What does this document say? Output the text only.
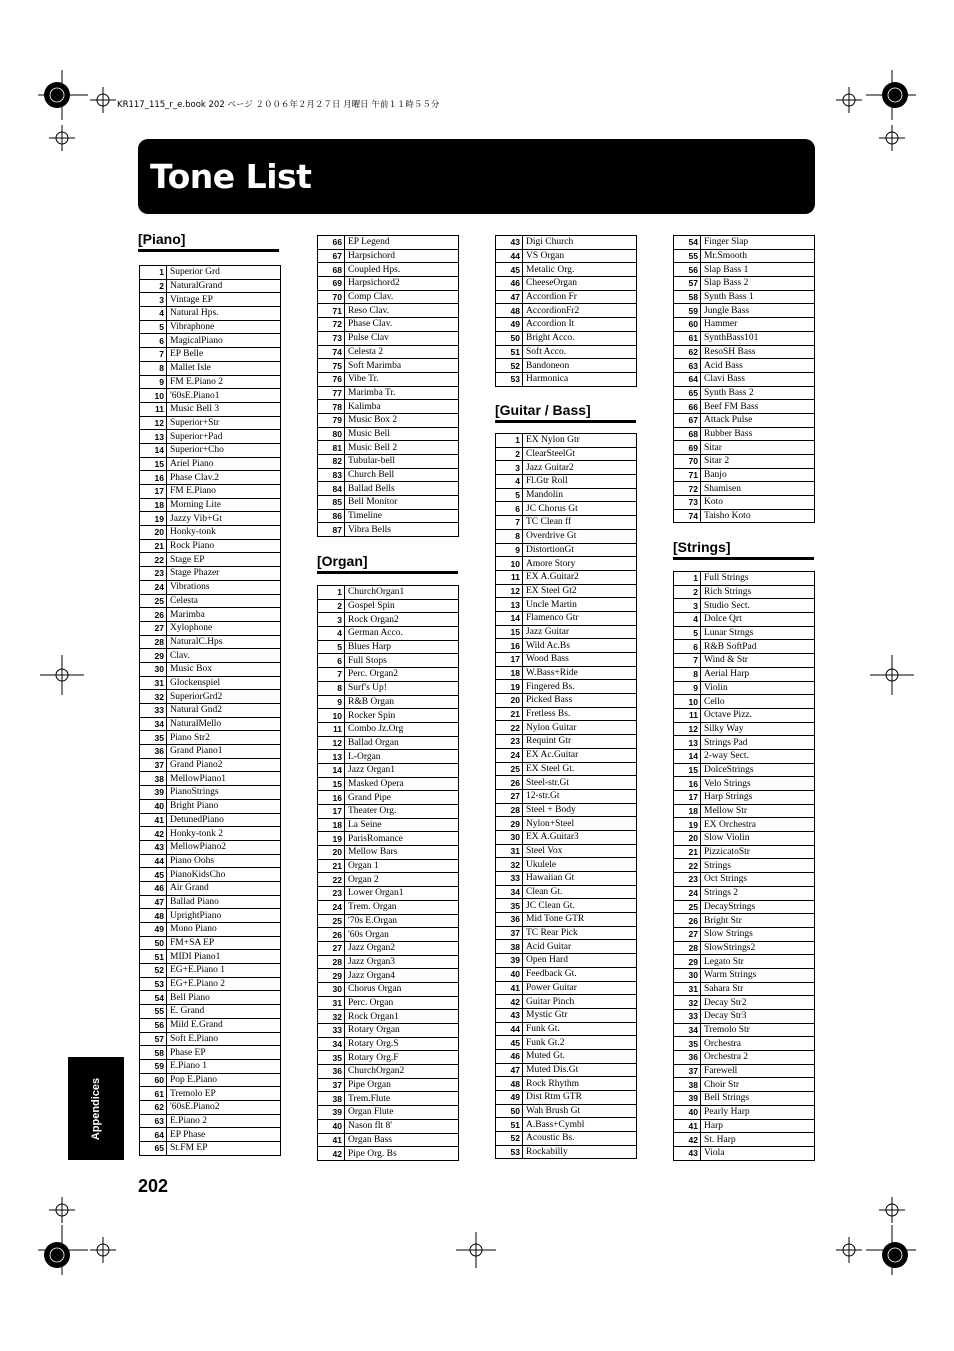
KR117_115_r_e.book 202 ページ ２００６年２月２７日 月曜日 午前１１時５５分
Tone List
[Piano]
1	Superior Grd
2	NaturalGrand
3	Vintage EP
4	Natural Hps.
5	Vibraphone
6	MagicalPiano
7	EP Belle
8	Mallet Isle
9	FM E.Piano 2
10	'60sE.Piano1
11	Music Bell 3
12	Superior+Str
13	Superior+Pad
14	Superior+Cho
15	Ariel Piano
16	Phase Clav.2
17	FM E.Piano
18	Morning Lite
19	Jazzy Vib+Gt
20	Honky-tonk
21	Rock Piano
22	Stage EP
23	Stage Phazer
24	Vibrations
25	Celesta
26	Marimba
27	Xylophone
28	NaturalC.Hps
29	Clav.
30	Music Box
31	Glockenspiel
32	SuperiorGrd2
33	Natural Gnd2
34	NaturalMello
35	Piano Str2
36	Grand Piano1
37	Grand Piano2
38	MellowPiano1
39	PianoStrings
40	Bright Piano
41	DetunedPiano
42	Honky-tonk 2
43	MellowPiano2
44	Piano Oohs
45	PianoKidsCho
46	Air Grand
47	Ballad Piano
48	UprightPiano
49	Mono Piano
50	FM+SA EP
51	MIDI Piano1
52	EG+E.Piano 1
53	EG+E.Piano 2
54	Bell Piano
55	E. Grand
56	Mild E.Grand
57	Soft E.Piano
58	Phase EP
59	E.Piano 1
60	Pop E.Piano
61	Tremolo EP
62	'60sE.Piano2
63	E.Piano 2
64	EP Phase
65	St.FM EP
66	EP Legend
67	Harpsichord
68	Coupled Hps.
69	Harpsichord2
70	Comp Clav.
71	Reso Clav.
72	Phase Clav.
73	Pulse Clav
74	Celesta 2
75	Soft Marimba
76	Vibe Tr.
77	Marimba Tr.
78	Kalimba
79	Music Box 2
80	Music Bell
81	Music Bell 2
82	Tubular-bell
83	Church Bell
84	Ballad Bells
85	Bell Monitor
86	Timeline
87	Vibra Bells
[Organ]
1	ChurchOrgan1
2	Gospel Spin
3	Rock Organ2
4	German Acco.
5	Blues Harp
6	Full Stops
7	Perc. Organ2
8	Surf's Up!
9	R&B Organ
10	Rocker Spin
11	Combo Jz.Org
12	Ballad Organ
13	L-Organ
14	Jazz Organ1
15	Masked Opera
16	Grand Pipe
17	Theater Org.
18	La Seine
19	ParisRomance
20	Mellow Bars
21	Organ 1
22	Organ 2
23	Lower Organ1
24	Trem. Organ
25	'70s E.Organ
26	'60s Organ
27	Jazz Organ2
28	Jazz Organ3
29	Jazz Organ4
30	Chorus Organ
31	Perc. Organ
32	Rock Organ1
33	Rotary Organ
34	Rotary Org.S
35	Rotary Org.F
36	ChurchOrgan2
37	Pipe Organ
38	Trem.Flute
39	Organ Flute
40	Nason flt 8'
41	Organ Bass
42	Pipe Org. Bs
43	Digi Church
44	VS Organ
45	Metalic Org.
46	CheeseOrgan
47	Accordion Fr
48	AccordionFr2
49	Accordion It
50	Bright Acco.
51	Soft Acco.
52	Bandoneon
53	Harmonica
[Guitar / Bass]
1	EX Nylon Gtr
2	ClearSteelGt
3	Jazz Guitar2
4	Fl.Gtr Roll
5	Mandolin
6	JC Chorus Gt
7	TC Clean ff
8	Overdrive Gt
9	DistortionGt
10	Amore Story
11	EX A.Guitar2
12	EX Steel Gt2
13	Uncle Martin
14	Flamenco Gtr
15	Jazz Guitar
16	Wild Ac.Bs
17	Wood Bass
18	W.Bass+Ride
19	Fingered Bs.
20	Picked Bass
21	Fretless Bs.
22	Nylon Guitar
23	Requint Gtr
24	EX Ac.Guitar
25	EX Steel Gt.
26	Steel-str.Gt
27	12-str.Gt
28	Steel + Body
29	Nylon+Steel
30	EX A.Guitar3
31	Steel Vox
32	Ukulele
33	Hawaiian Gt
34	Clean Gt.
35	JC Clean Gt.
36	Mid Tone GTR
37	TC Rear Pick
38	Acid Guitar
39	Open Hard
40	Feedback Gt.
41	Power Guitar
42	Guitar Pinch
43	Mystic Gtr
44	Funk Gt.
45	Funk Gt.2
46	Muted Gt.
47	Muted Dis.Gt
48	Rock Rhythm
49	Dist Rtm GTR
50	Wah Brush Gt
51	A.Bass+Cymbl
52	Acoustic Bs.
53	Rockabilly
54	Finger Slap
55	Mr.Smooth
56	Slap Bass 1
57	Slap Bass 2
58	Synth Bass 1
59	Jungle Bass
60	Hammer
61	SynthBass101
62	ResoSH Bass
63	Acid Bass
64	Clavi Bass
65	Synth Bass 2
66	Beef FM Bass
67	Attack Pulse
68	Rubber Bass
69	Sitar
70	Sitar 2
71	Banjo
72	Shamisen
73	Koto
74	Taisho Koto
[Strings]
1	Full Strings
2	Rich Strings
3	Studio Sect.
4	Dolce Qrt
5	Lunar Strngs
6	R&B SoftPad
7	Wind & Str
8	Aerial Harp
9	Violin
10	Cello
11	Octave Pizz.
12	Silky Way
13	Strings Pad
14	2-way Sect.
15	DolceStrings
16	Velo Strings
17	Harp Strings
18	Mellow Str
19	EX Orchestra
20	Slow Violin
21	PizzicatoStr
22	Strings
23	Oct Strings
24	Strings 2
25	DecayStrings
26	Bright Str
27	Slow Strings
28	SlowStrings2
29	Legato Str
30	Warm Strings
31	Sahara Str
32	Decay Str2
33	Decay Str3
34	Tremolo Str
35	Orchestra
36	Orchestra 2
37	Farewell
38	Choir Str
39	Bell Strings
40	Pearly Harp
41	Harp
42	St. Harp
43	Viola
Appendices
202
